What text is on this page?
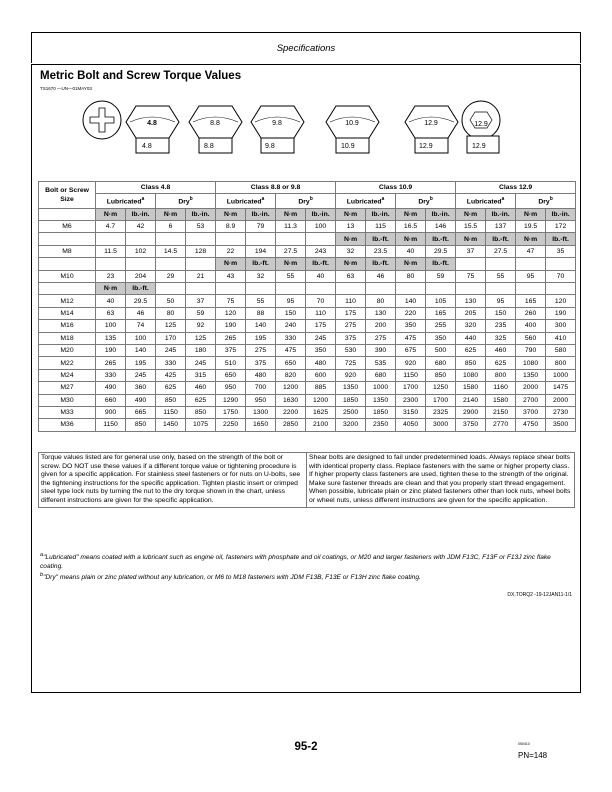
Specifications
Metric Bolt and Screw Torque Values
TS1670 —UN—01MAY03
4.8
4.8
8.8
8.8
9.8
9.8
10.9
10.9
12.9
12.9
12.9
12.9
Bolt or Screw
Size	Class 4.8				Class 8.8 or 9.8				Class 10.9				Class 12.9			
	Lubricated$^a$		Dry$^b$		Lubricated$^a$		Dry$^b$		Lubricated$^a$		Dry$^b$		Lubricated$^a$		Dry$^b$
	N·m	lb.-in.	N·m	lb.-in.	N·m	lb.-in.	N·m	lb.-in.	N·m	lb.-in.	N·m	lb.-in.	N·m	lb.-in.	N·m	lb.-in.
M6	4.7	42	6	53	8.9	79	11.3	100	13	115	16.5	146	15.5	137	19.5	172
									N·m	lb.-ft.	N·m	lb.-ft.	N·m	lb.-ft.	N·m	lb.-ft.
M8	11.5	102	14.5	128	22	194	27.5	243	32	23.5	40	29.5	37	27.5	47	35
					N·m	lb.-ft.	N·m	lb.-ft.	N·m	lb.-ft.	N·m	lb.-ft.				
M10	23	204	29	21	43	32	55	40	63	46	80	59	75	55	95	70
	N·m	lb.-ft.														
M12	40	29.5	50	37	75	55	95	70	110	80	140	105	130	95	165	120
M14	63	46	80	59	120	88	150	110	175	130	220	165	205	150	260	190
M16	100	74	125	92	190	140	240	175	275	200	350	255	320	235	400	300
M18	135	100	170	125	265	195	330	245	375	275	475	350	440	325	560	410
M20	190	140	245	180	375	275	475	350	530	390	675	500	625	460	790	580
M22	265	195	330	245	510	375	650	480	725	535	920	680	850	625	1080	800
M24	330	245	425	315	650	480	820	600	920	680	1150	850	1080	800	1350	1000
M27	490	360	625	460	950	700	1200	885	1350	1000	1700	1250	1580	1160	2000	1475
M30	660	490	850	625	1290	950	1630	1200	1850	1350	2300	1700	2140	1580	2700	2000
M33	900	665	1150	850	1750	1300	2200	1625	2500	1850	3150	2325	2900	2150	3700	2730
M36	1150	850	1450	1075	2250	1650	2850	2100	3200	2350	4050	3000	3750	2770	4750	3500
Torque values listed are for general use only, based on the strength of the bolt or screw. DO NOT use these values if a different torque value or tightening procedure is given for a specific application. For stainless steel fasteners or for nuts on U-bolts, see the tightening instructions for the specific application. Tighten plastic insert or crimped steel type lock nuts by turning the nut to the dry torque shown in the chart, unless different instructions are given for the specific application.	Shear bolts are designed to fail under predetermined loads. Always replace shear bolts with identical property class. Replace fasteners with the same or higher property class. If higher property class fasteners are used, tighten these to the strength of the original. Make sure fastener threads are clean and that you properly start thread engagement. When possible, lubricate plain or zinc plated fasteners other than lock nuts, wheel bolts or wheel nuts, unless different instructions are given for the specific application.
$^a$"Lubricated" means coated with a lubricant such as engine oil, fasteners with phosphate and oil coatings, or M20 and larger fasteners with JDM F13C, F13F or F13J zinc flake coating.
$^b$"Dry" means plain or zinc plated without any lubrication, or M6 to M18 fasteners with JDM F13B, F13E or F13H zinc flake coating.
DX,TORQ2 -19-12JAN11-1/1
95-2	050410
PN=148
